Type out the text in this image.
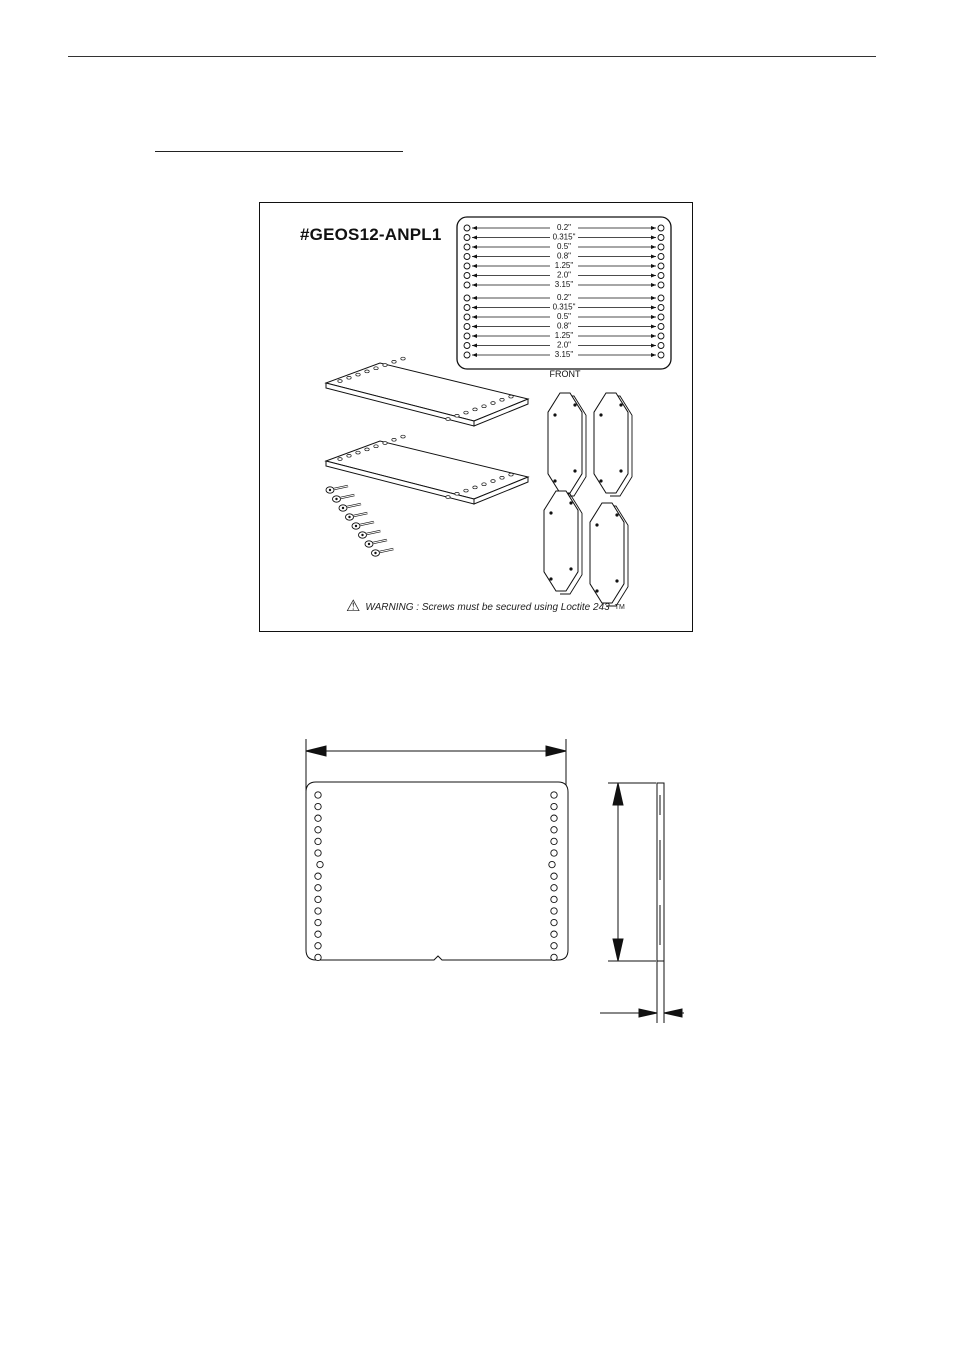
0.2"
0.315"
0.5"
0.8"
1.25"
2.0"
3.15"
0.2"
0.315"
0.5"
0.8"
1.25"
2.0"
3.15"
FRONT
#GEOS12-ANPL1
⚠ WARNING : Screws must be secured using Loctite 243 TM
